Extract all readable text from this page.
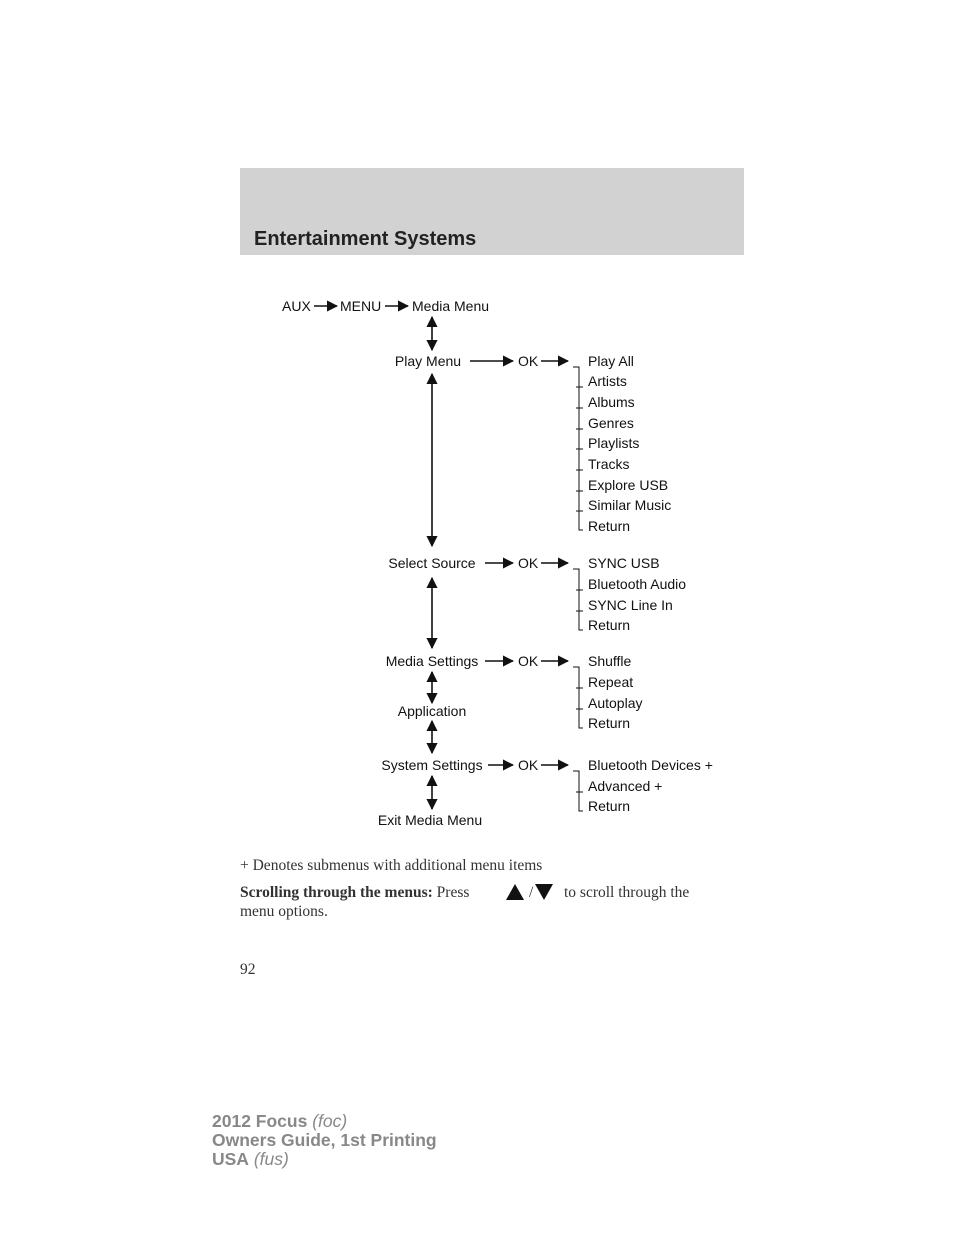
Entertainment Systems
AUX MENU Media Menu
Play Menu
Select Source
Media Settings
Application
System Settings
Exit Media Menu
OK
OK
OK
OK
Play All
Artists
Albums
Genres
Playlists
Tracks
Explore USB
Similar Music
Return
SYNC USB
Bluetooth Audio
SYNC Line In
Return
Shuffle
Repeat
Autoplay
Return
Bluetooth Devices +
Advanced +
Return
+ Denotes submenus with additional menu items
Scrolling through the menus: Press	/ to scroll through the
menu options.
92
2012 Focus (foc)
Owners Guide, 1st Printing
USA (fus)
